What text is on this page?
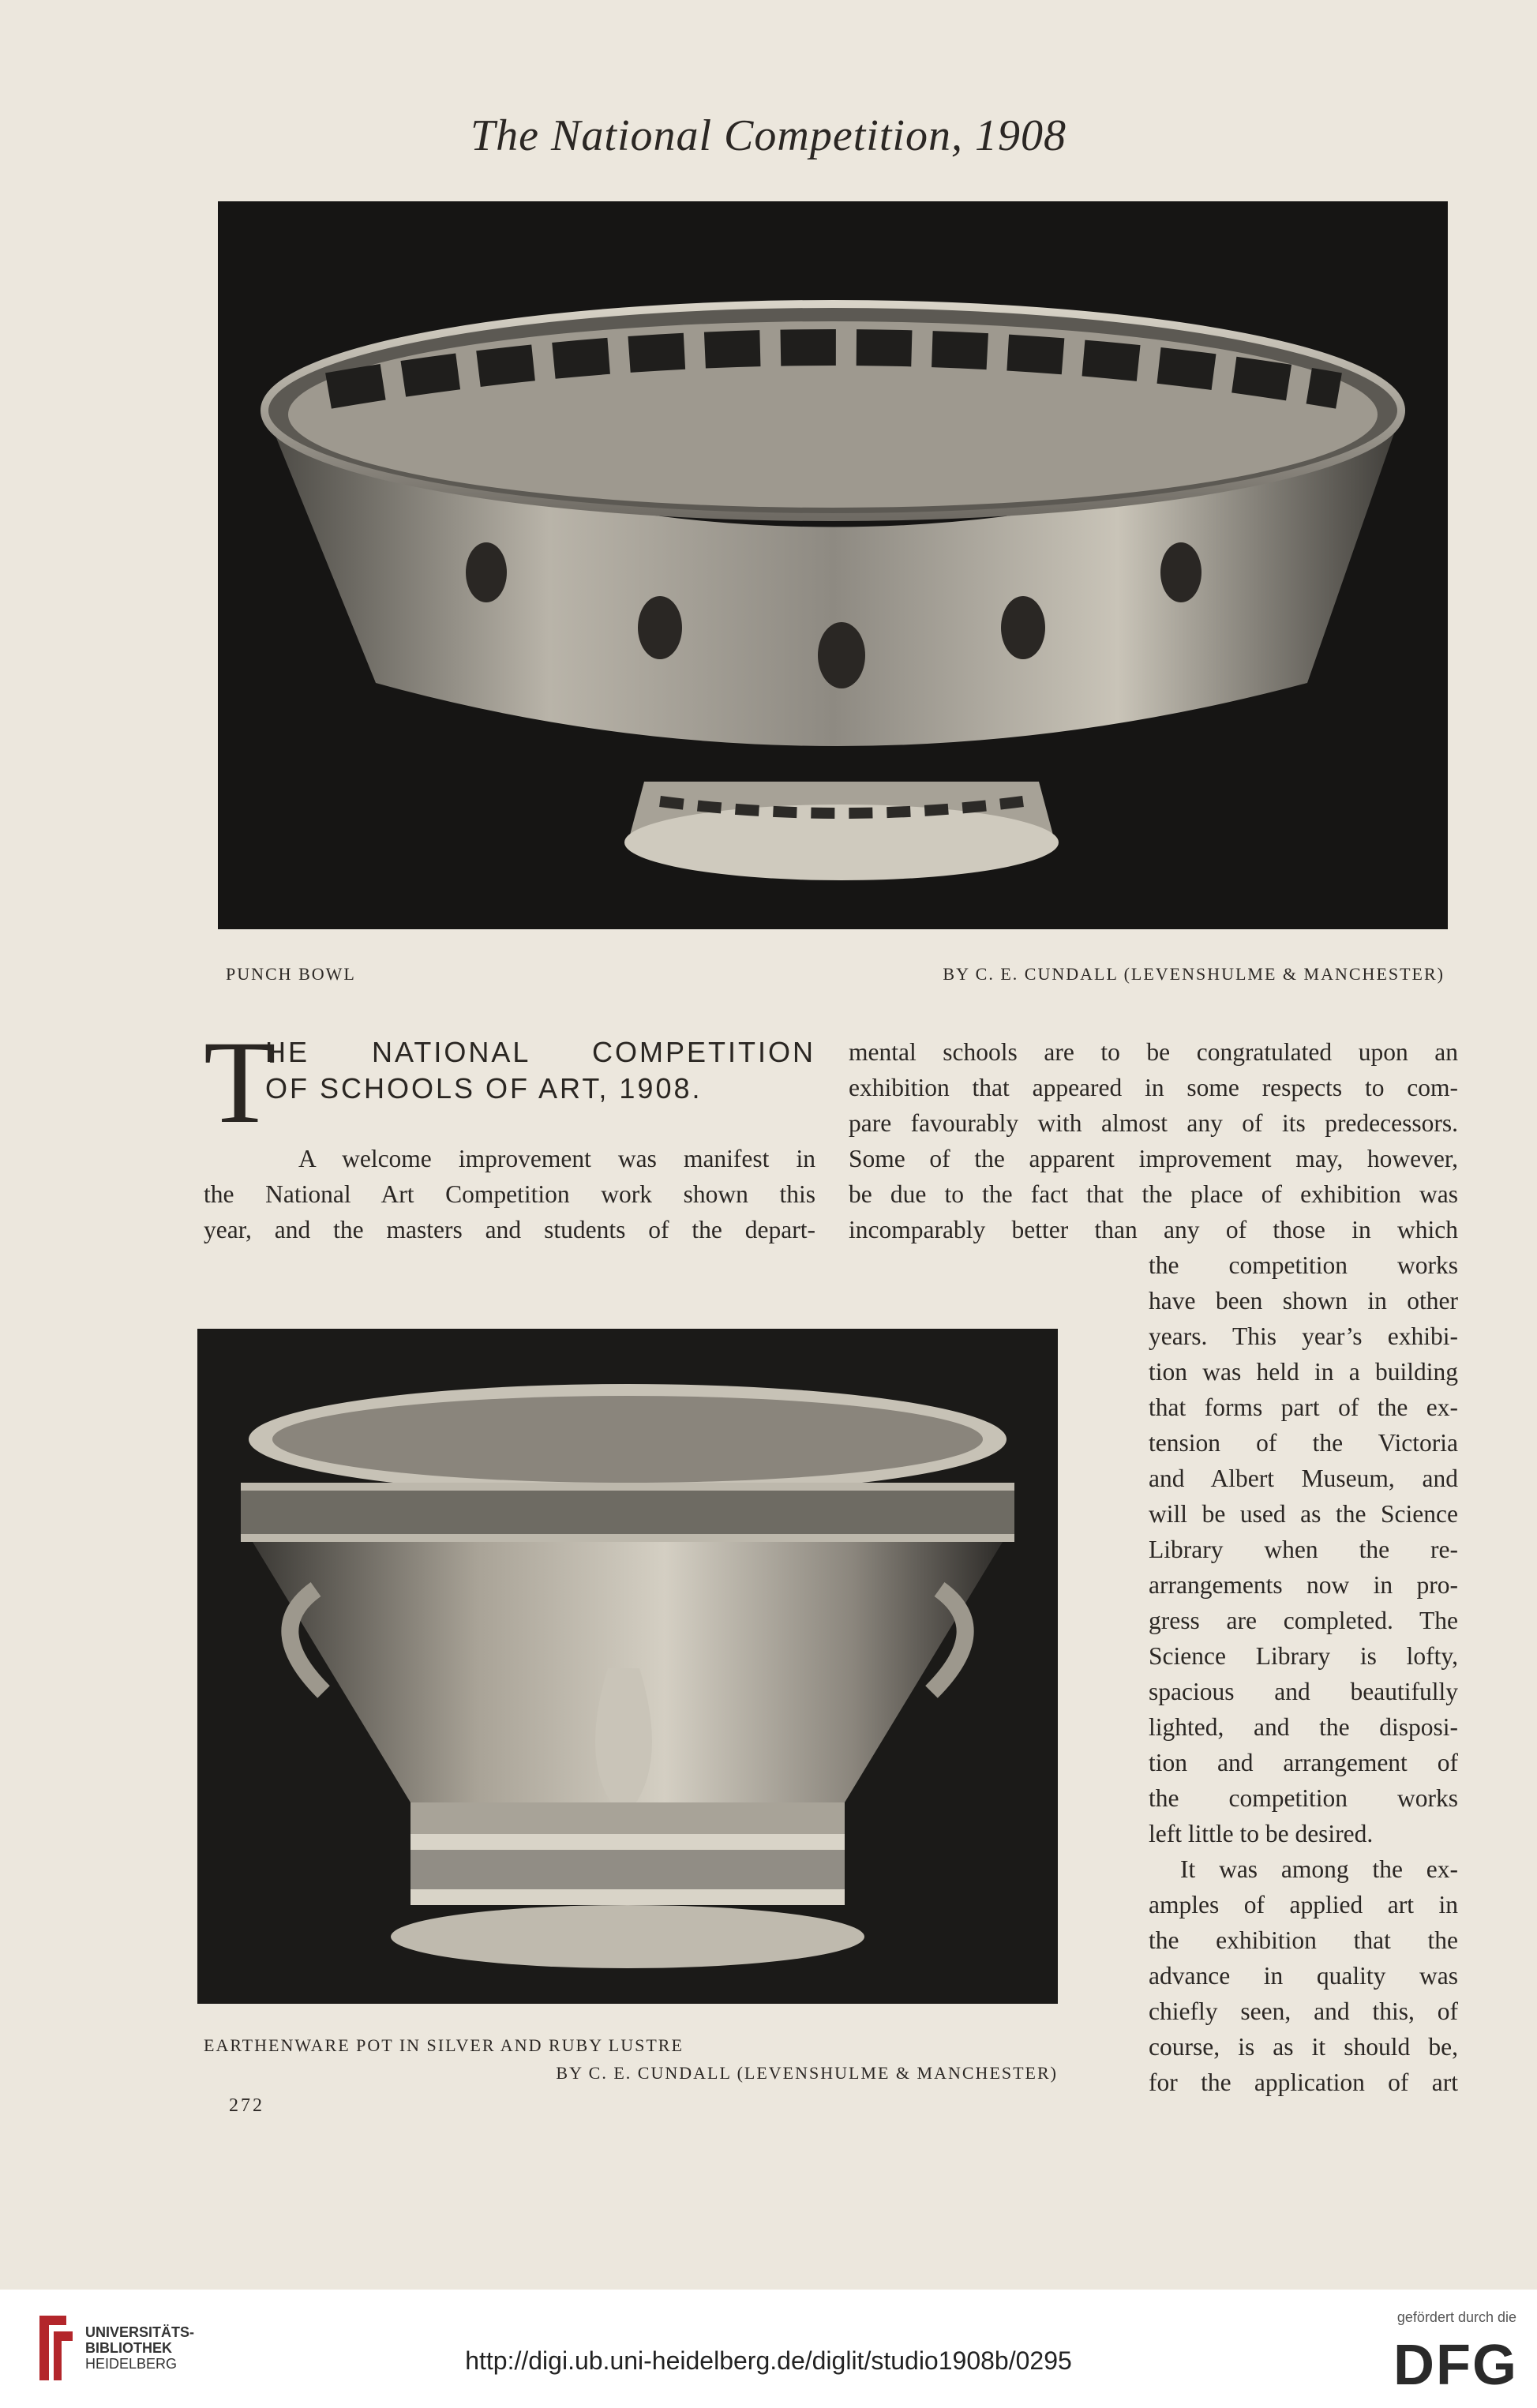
The National Competition, 1908
PUNCH BOWL	BY C. E. CUNDALL (LEVENSHULME & MANCHESTER)
T
HE NATIONAL COMPETITION
OF SCHOOLS OF ART, 1908.
A welcome improvement was manifest in
the National Art Competition work shown this
year, and the masters and students of the depart-
mental schools are to be congratulated upon an
exhibition that appeared in some respects to com-
pare favourably with almost any of its predecessors.
Some of the apparent improvement may, however,
be due to the fact that the place of exhibition was
incomparably better than any of those in which
EARTHENWARE POT IN SILVER AND RUBY LUSTRE
BY C. E. CUNDALL (LEVENSHULME & MANCHESTER)
the competition works
have been shown in other
years. This year’s exhibi-
tion was held in a building
that forms part of the ex-
tension of the Victoria
and Albert Museum, and
will be used as the Science
Library when the re-
arrangements now in pro-
gress are completed. The
Science Library is lofty,
spacious and beautifully
lighted, and the disposi-
tion and arrangement of
the competition works
left little to be desired.
It was among the ex-
amples of applied art in
the exhibition that the
advance in quality was
chiefly seen, and this, of
course, is as it should be,
for the application of art
272
UNIVERSITÄTS-
BIBLIOTHEK
HEIDELBERG	http://digi.ub.uni-heidelberg.de/diglit/studio1908b/0295
gefördert durch die
DFG
